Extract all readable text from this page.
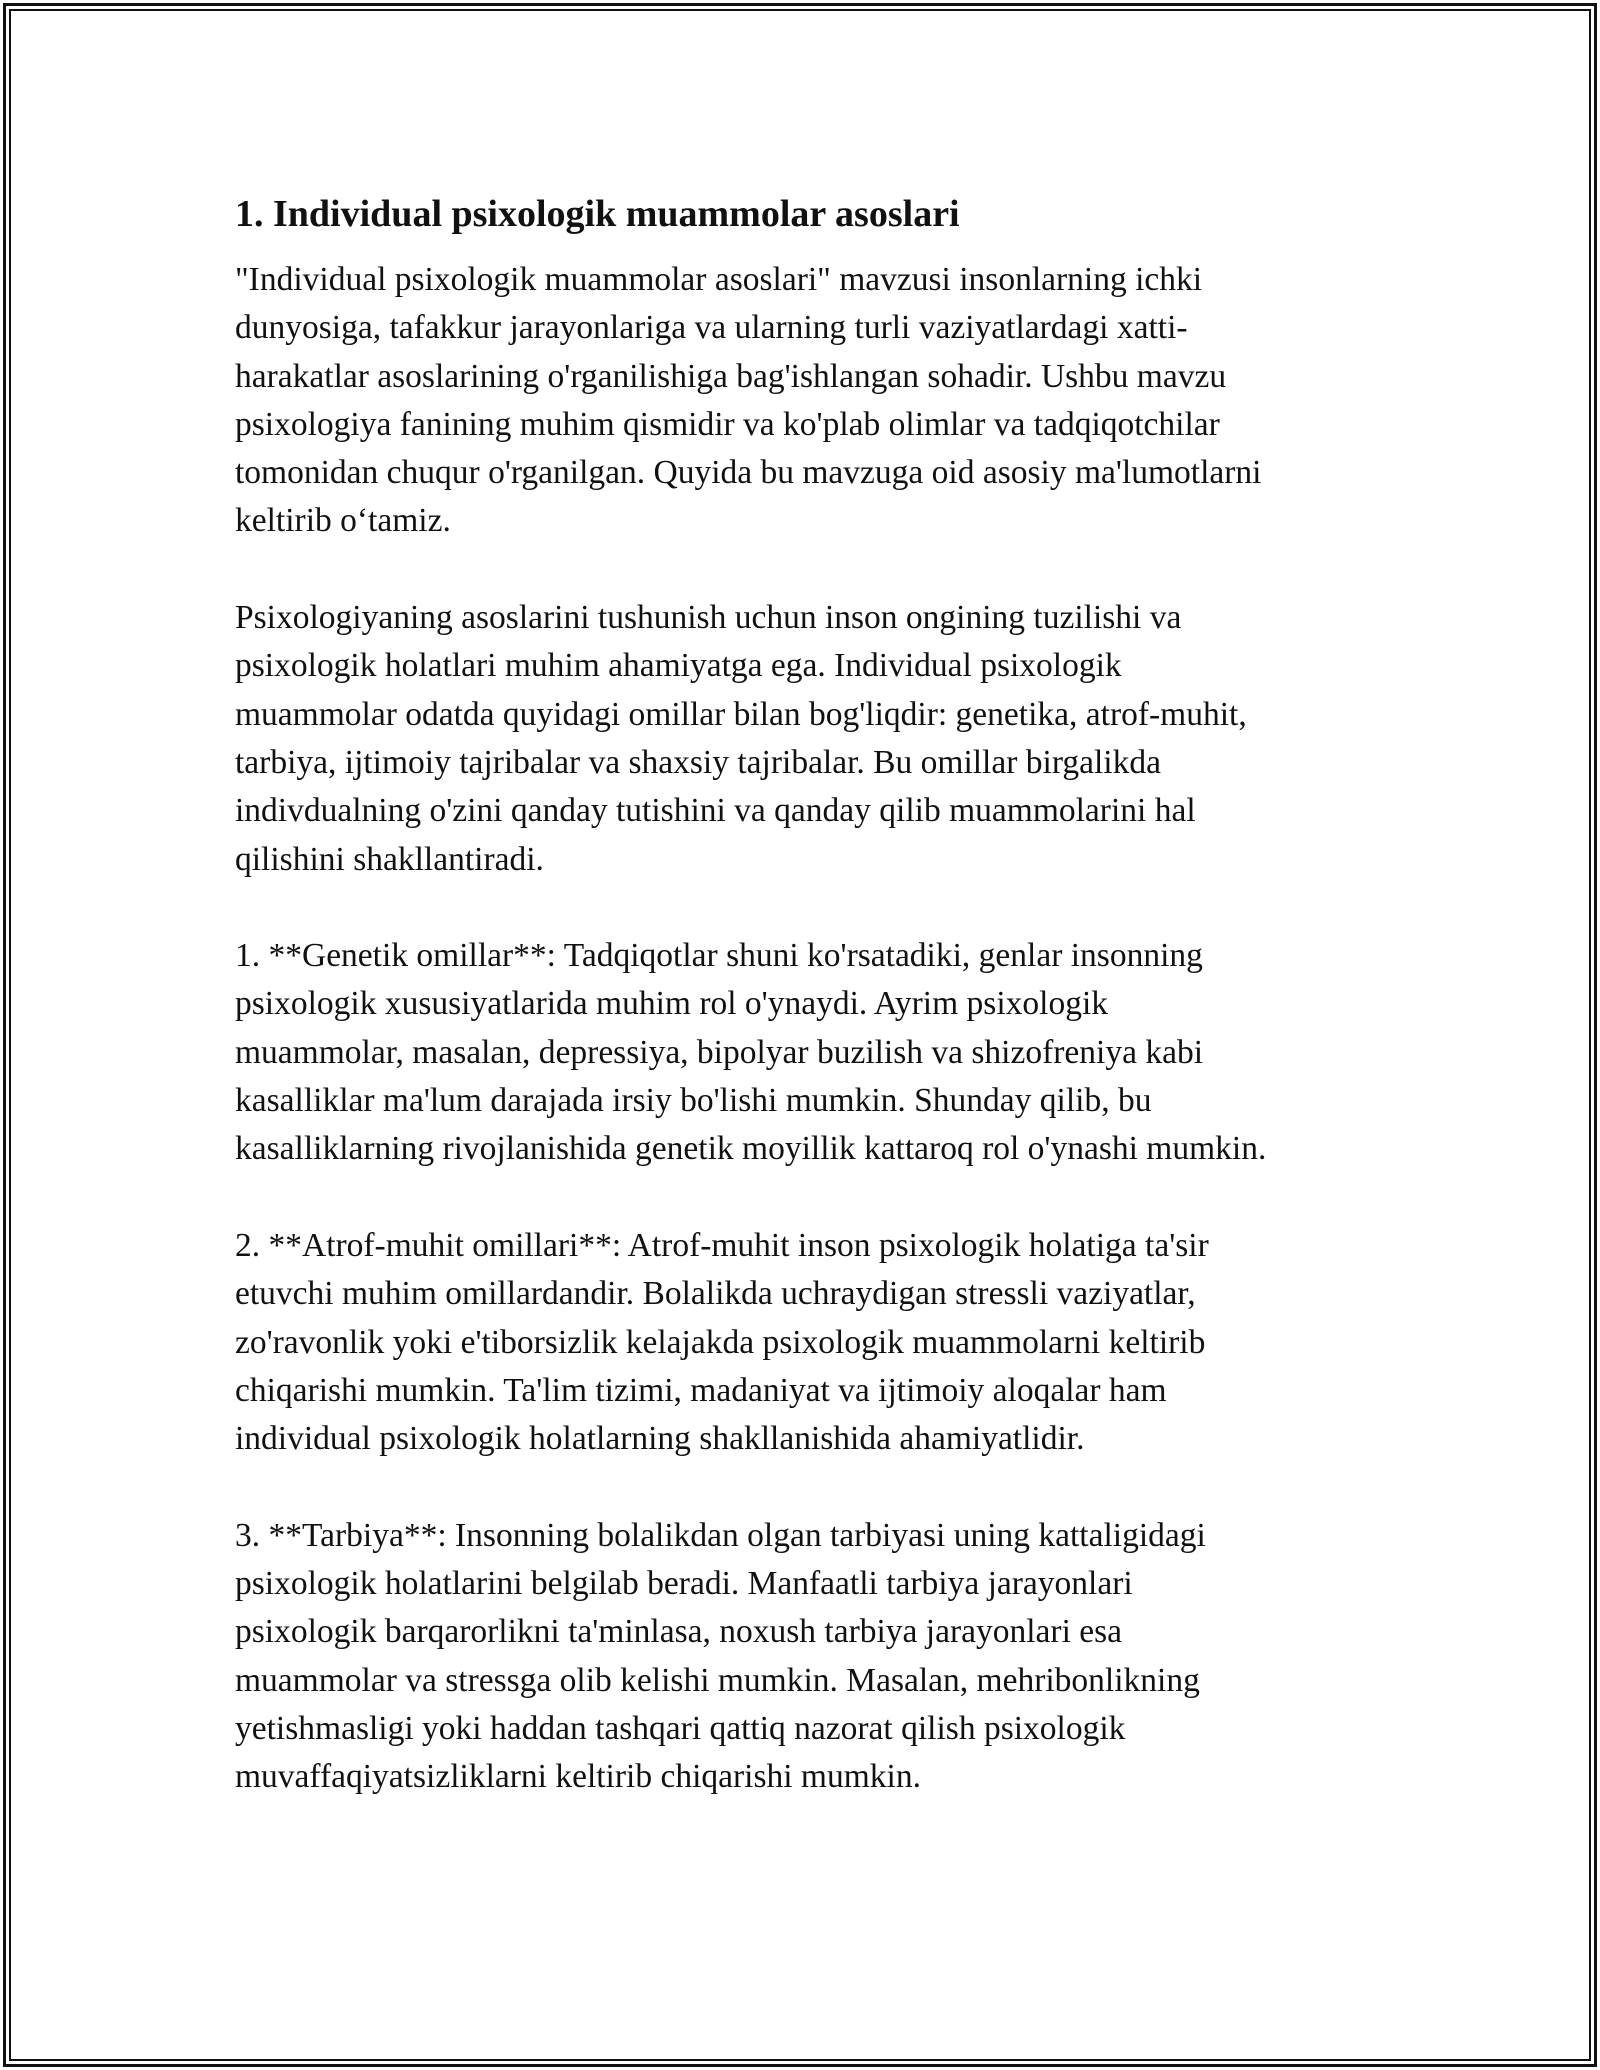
1. Individual psixologik muammolar asoslari

"Individual psixologik muammolar asoslari" mavzusi insonlarning ichki
dunyosiga, tafakkur jarayonlariga va ularning turli vaziyatlardagi xatti-
harakatlar asoslarining o'rganilishiga bag'ishlangan sohadir. Ushbu mavzu
psixologiya fanining muhim qismidir va ko'plab olimlar va tadqiqotchilar
tomonidan chuqur o'rganilgan. Quyida bu mavzuga oid asosiy ma'lumotlarni
keltirib o‘tamiz.

Psixologiyaning asoslarini tushunish uchun inson ongining tuzilishi va
psixologik holatlari muhim ahamiyatga ega. Individual psixologik
muammolar odatda quyidagi omillar bilan bog'liqdir: genetika, atrof-muhit,
tarbiya, ijtimoiy tajribalar va shaxsiy tajribalar. Bu omillar birgalikda
indivdualning o'zini qanday tutishini va qanday qilib muammolarini hal
qilishini shakllantiradi.

1. **Genetik omillar**: Tadqiqotlar shuni ko'rsatadiki, genlar insonning
psixologik xususiyatlarida muhim rol o'ynaydi. Ayrim psixologik
muammolar, masalan, depressiya, bipolyar buzilish va shizofreniya kabi
kasalliklar ma'lum darajada irsiy bo'lishi mumkin. Shunday qilib, bu
kasalliklarning rivojlanishida genetik moyillik kattaroq rol o'ynashi mumkin.

2. **Atrof-muhit omillari**: Atrof-muhit inson psixologik holatiga ta'sir
etuvchi muhim omillardandir. Bolalikda uchraydigan stressli vaziyatlar,
zo'ravonlik yoki e'tiborsizlik kelajakda psixologik muammolarni keltirib
chiqarishi mumkin. Ta'lim tizimi, madaniyat va ijtimoiy aloqalar ham
individual psixologik holatlarning shakllanishida ahamiyatlidir.

3. **Tarbiya**: Insonning bolalikdan olgan tarbiyasi uning kattaligidagi
psixologik holatlarini belgilab beradi. Manfaatli tarbiya jarayonlari
psixologik barqarorlikni ta'minlasa, noxush tarbiya jarayonlari esa
muammolar va stressga olib kelishi mumkin. Masalan, mehribonlikning
yetishmasligi yoki haddan tashqari qattiq nazorat qilish psixologik
muvaffaqiyatsizliklarni keltirib chiqarishi mumkin.
